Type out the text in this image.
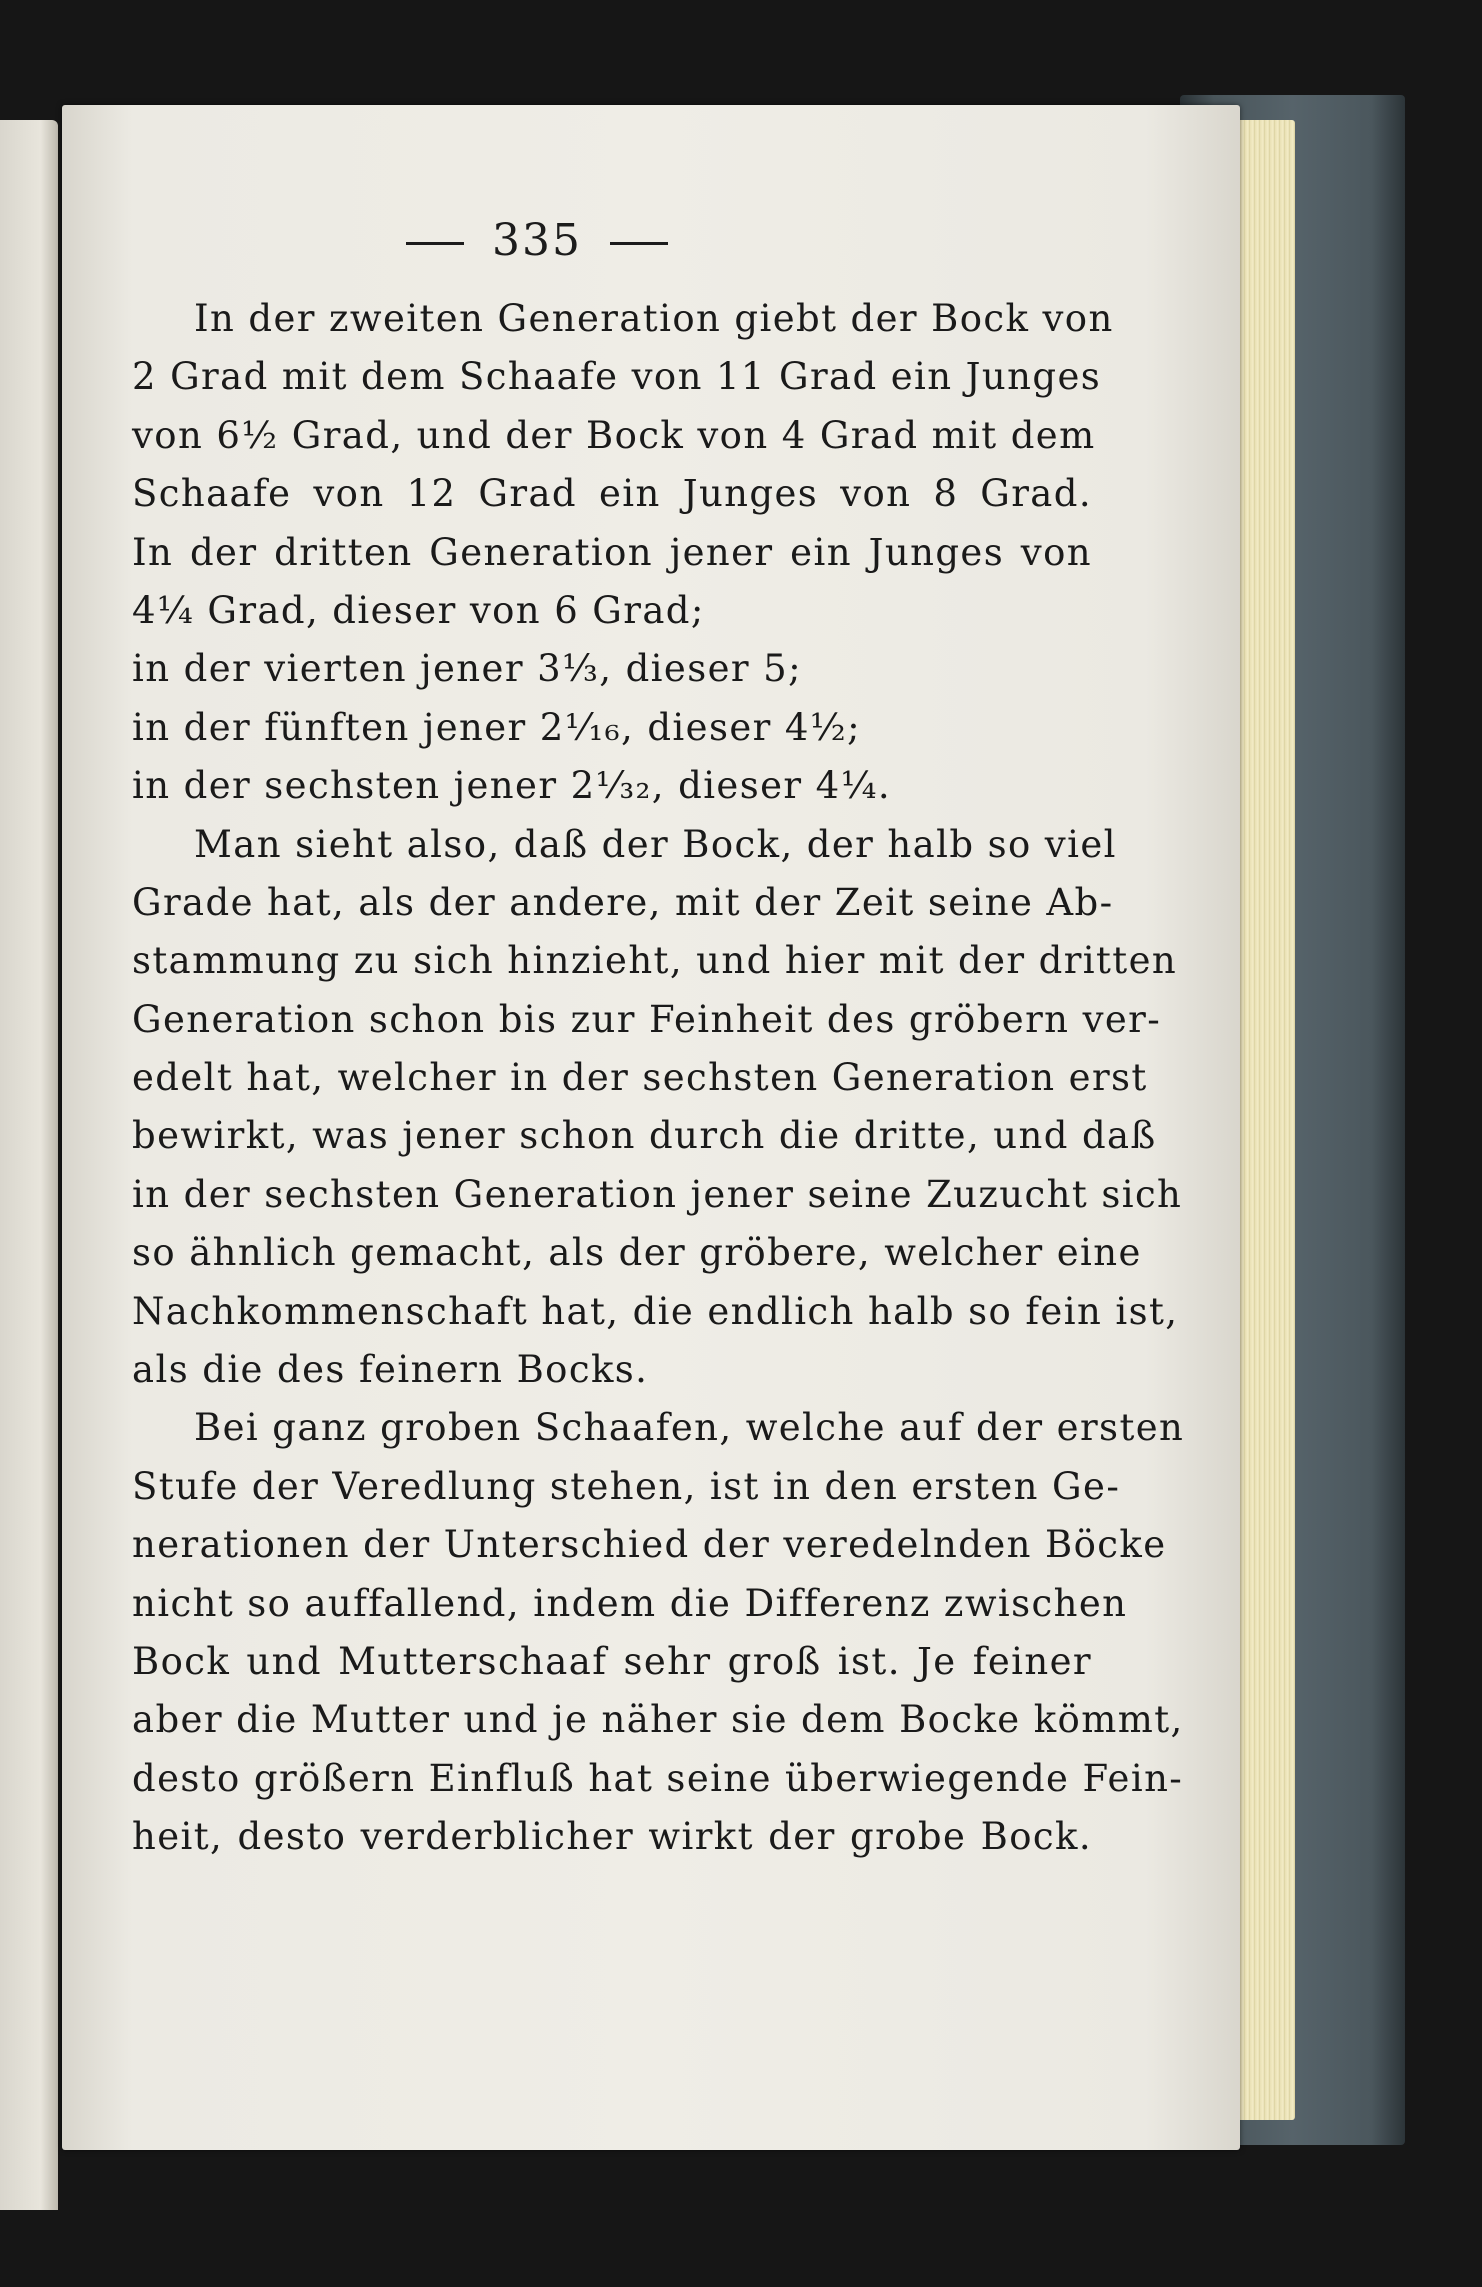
335
In der zweiten Generation giebt der Bock von
2 Grad mit dem Schaafe von 11 Grad ein Junges
von 6½ Grad, und der Bock von 4 Grad mit dem
Schaafe von 12 Grad ein Junges von 8 Grad.
In der dritten Generation jener ein Junges von
4¼ Grad, dieser von 6 Grad;
in der vierten jener 3⅓, dieser 5;
in der fünften jener 2¹⁄₁₆, dieser 4½;
in der sechsten jener 2¹⁄₃₂, dieser 4¼.
Man sieht also, daß der Bock, der halb so viel
Grade hat, als der andere, mit der Zeit seine Ab-
stammung zu sich hinzieht, und hier mit der dritten
Generation schon bis zur Feinheit des gröbern ver-
edelt hat, welcher in der sechsten Generation erst
bewirkt, was jener schon durch die dritte, und daß
in der sechsten Generation jener seine Zuzucht sich
so ähnlich gemacht, als der gröbere, welcher eine
Nachkommenschaft hat, die endlich halb so fein ist,
als die des feinern Bocks.
Bei ganz groben Schaafen, welche auf der ersten
Stufe der Veredlung stehen, ist in den ersten Ge-
nerationen der Unterschied der veredelnden Böcke
nicht so auffallend, indem die Differenz zwischen
Bock und Mutterschaaf sehr groß ist. Je feiner
aber die Mutter und je näher sie dem Bocke kömmt,
desto größern Einfluß hat seine überwiegende Fein-
heit, desto verderblicher wirkt der grobe Bock.
